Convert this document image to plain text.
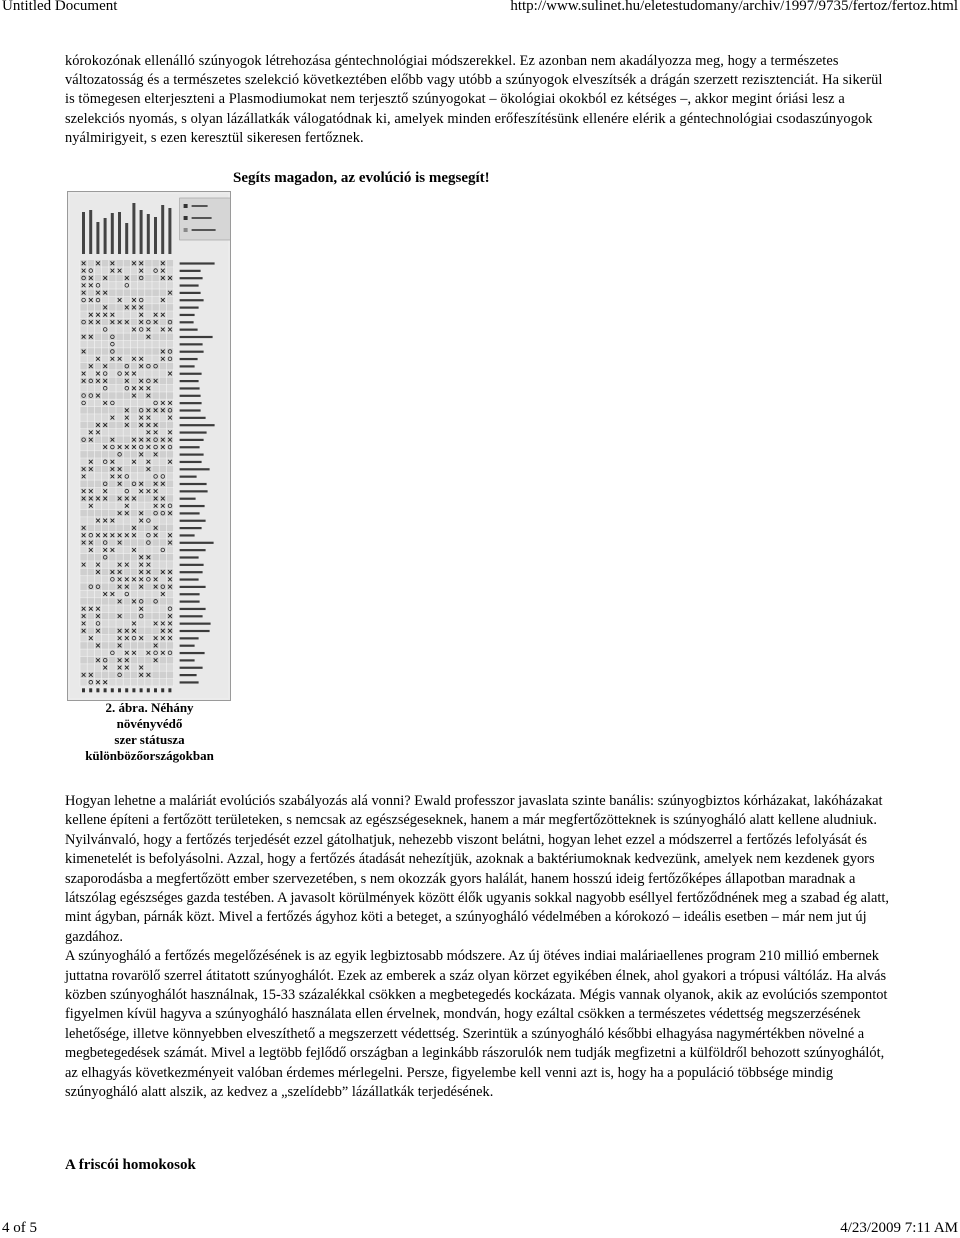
Untitled Document	http://www.sulinet.hu/eletestudomany/archiv/1997/9735/fertoz/fertoz.html

kórokozónak ellenálló szúnyogok létrehozása géntechnológiai módszerekkel. Ez azonban nem akadályozza meg, hogy a természetes változatosság és a természetes szelekció következtében előbb vagy utóbb a szúnyogok elveszítsék a drágán szerzett rezisztenciát. Ha sikerül is tömegesen elterjeszteni a Plasmodiumokat nem terjesztő szúnyogokat – ökológiai okokból ez kétséges –, akkor megint óriási lesz a szelekciós nyomás, s olyan lázállatkák válogatódnak ki, amelyek minden erőfeszítésünk ellenére elérik a géntechnológiai csodaszúnyogok nyálmirigyeit, s ezen keresztül sikeresen fertőznek.

Segíts magadon, az evolúció is megsegít!

2. ábra. Néhány
növényvédő
szer státusza
különbözőországokban

Hogyan lehetne a maláriát evolúciós szabályozás alá vonni? Ewald professzor javaslata szinte banális: szúnyogbiztos kórházakat, lakóházakat kellene építeni a fertőzött területeken, s nemcsak az egészségeseknek, hanem a már megfertőzötteknek is szúnyogháló alatt kellene aludniuk. Nyilvánvaló, hogy a fertőzés terjedését ezzel gátolhatjuk, nehezebb viszont belátni, hogyan lehet ezzel a módszerrel a fertőzés lefolyását és kimenetelét is befolyásolni. Azzal, hogy a fertőzés átadását nehezítjük, azoknak a baktériumoknak kedvezünk, amelyek nem kezdenek gyors szaporodásba a megfertőzött ember szervezetében, s nem okozzák gyors halálát, hanem hosszú ideig fertőzőképes állapotban maradnak a látszólag egészséges gazda testében. A javasolt körülmények között élők ugyanis sokkal nagyobb eséllyel fertőződnének meg a szabad ég alatt, mint ágyban, párnák közt. Mivel a fertőzés ágyhoz köti a beteget, a szúnyogháló védelmében a kórokozó – ideális esetben – már nem jut új gazdához.

A szúnyogháló a fertőzés megelőzésének is az egyik legbiztosabb módszere. Az új ötéves indiai maláriaellenes program 210 millió embernek juttatna rovarölő szerrel átitatott szúnyoghálót. Ezek az emberek a száz olyan körzet egyikében élnek, ahol gyakori a trópusi váltóláz. Ha alvás közben szúnyoghálót használnak, 15-33 százalékkal csökken a megbetegedés kockázata. Mégis vannak olyanok, akik az evolúciós szempontot figyelmen kívül hagyva a szúnyogháló használata ellen érvelnek, mondván, hogy ezáltal csökken a természetes védettség megszerzésének lehetősége, illetve könnyebben elveszíthető a megszerzett védettség. Szerintük a szúnyogháló későbbi elhagyása nagymértékben növelné a megbetegedések számát. Mivel a legtöbb fejlődő országban a leginkább rászorulók nem tudják megfizetni a külföldről behozott szúnyoghálót, az elhagyás következményeit valóban érdemes mérlegelni. Persze, figyelembe kell venni azt is, hogy ha a populáció többsége mindig szúnyogháló alatt alszik, az kedvez a „szelídebb” lázállatkák terjedésének.

A friscói homokosok

4 of 5	4/23/2009 7:11 AM
